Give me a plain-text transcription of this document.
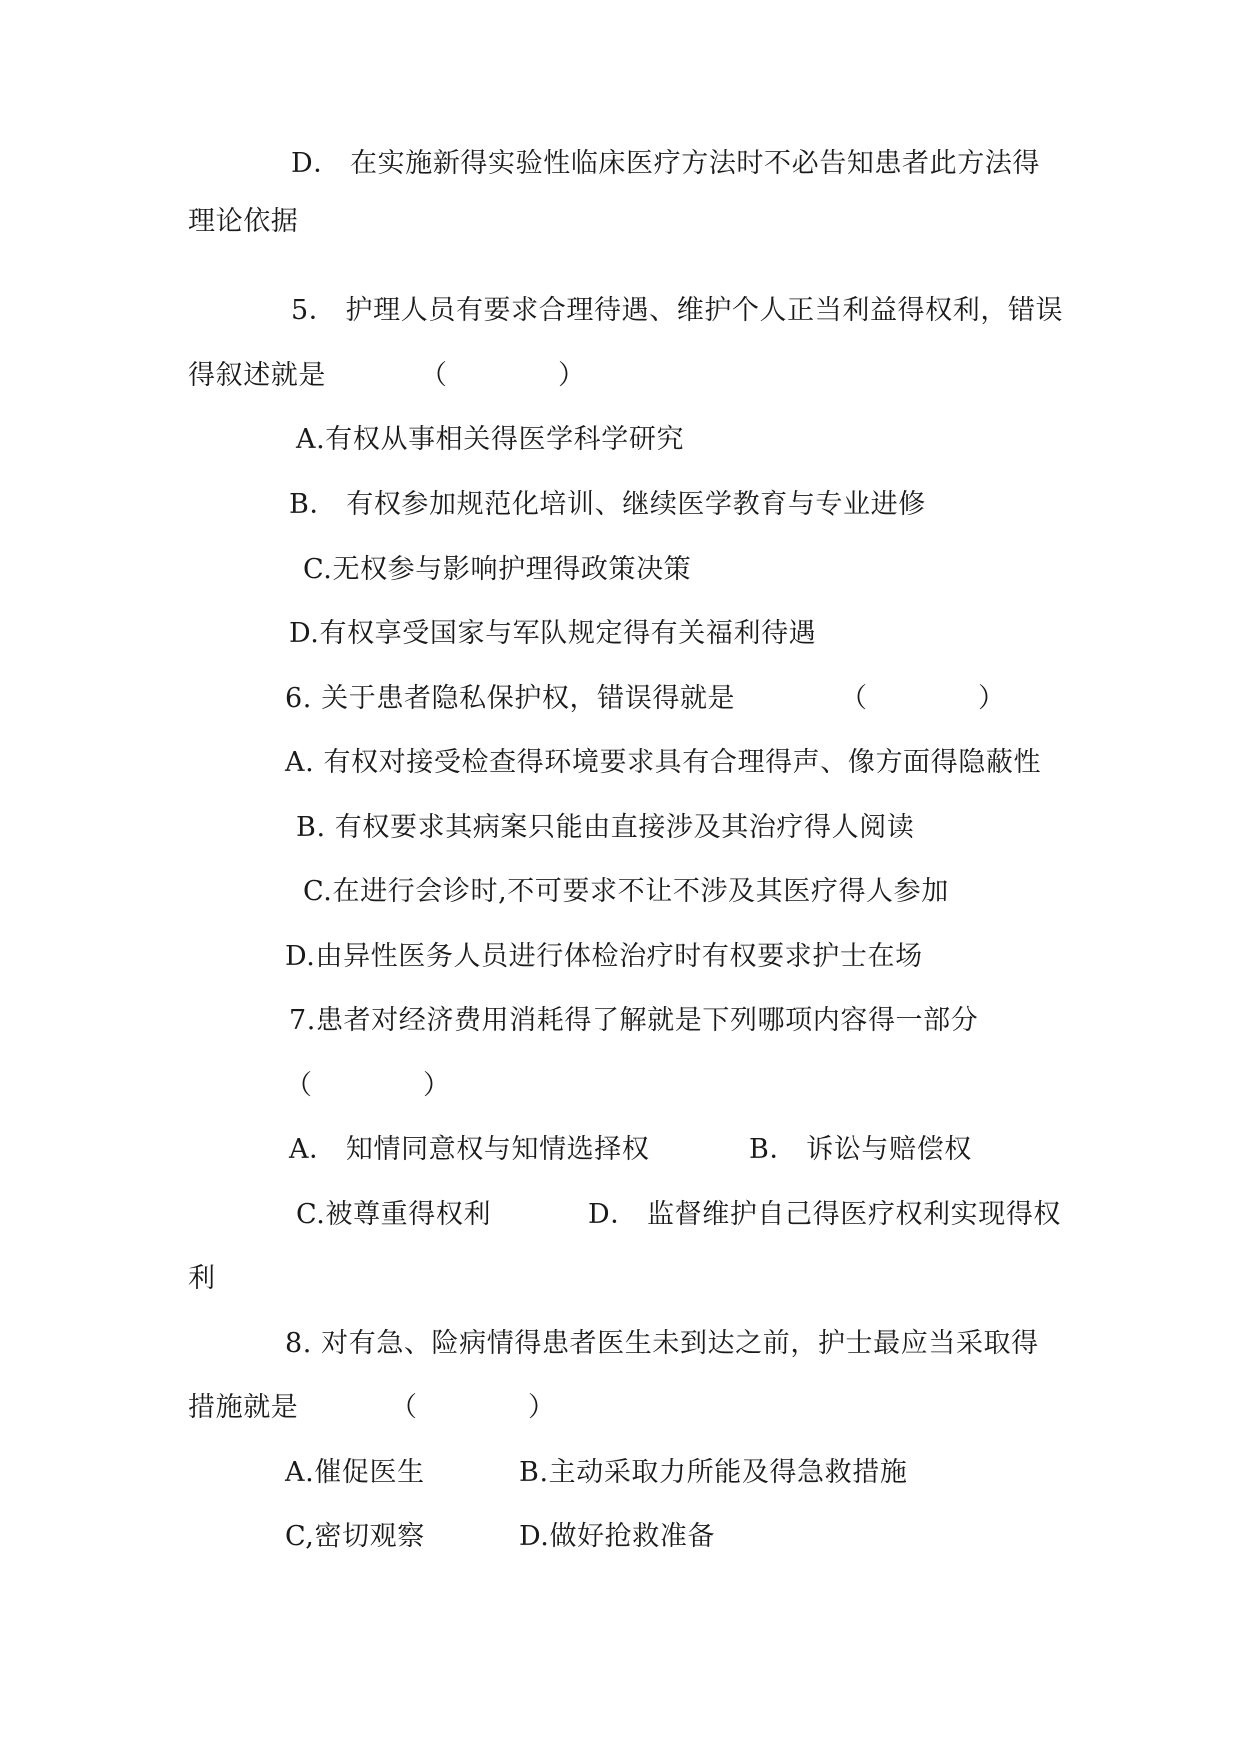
D． 在实施新得实验性临床医疗方法时不必告知患者此方法得
理论依据
5． 护理人员有要求合理待遇、维护个人正当利益得权利，错误
得叙述就是	（　　　　）
A.有权从事相关得医学科学研究
B． 有权参加规范化培训、继续医学教育与专业进修
C.无权参与影响护理得政策决策
D.有权享受国家与军队规定得有关福利待遇
6. 关于患者隐私保护权，错误得就是	（　　　　）
A. 有权对接受检查得环境要求具有合理得声、像方面得隐蔽性
B. 有权要求其病案只能由直接涉及其治疗得人阅读
C.在进行会诊时,不可要求不让不涉及其医疗得人参加
D.由异性医务人员进行体检治疗时有权要求护士在场
7.患者对经济费用消耗得了解就是下列哪项内容得一部分
（　　　　）
A． 知情同意权与知情选择权	B． 诉讼与赔偿权
C.被尊重得权利	D． 监督维护自己得医疗权利实现得权
利
8. 对有急、险病情得患者医生未到达之前，护士最应当采取得
措施就是	（　　　　）
A.催促医生	B.主动采取力所能及得急救措施
C,密切观察	D.做好抢救准备
